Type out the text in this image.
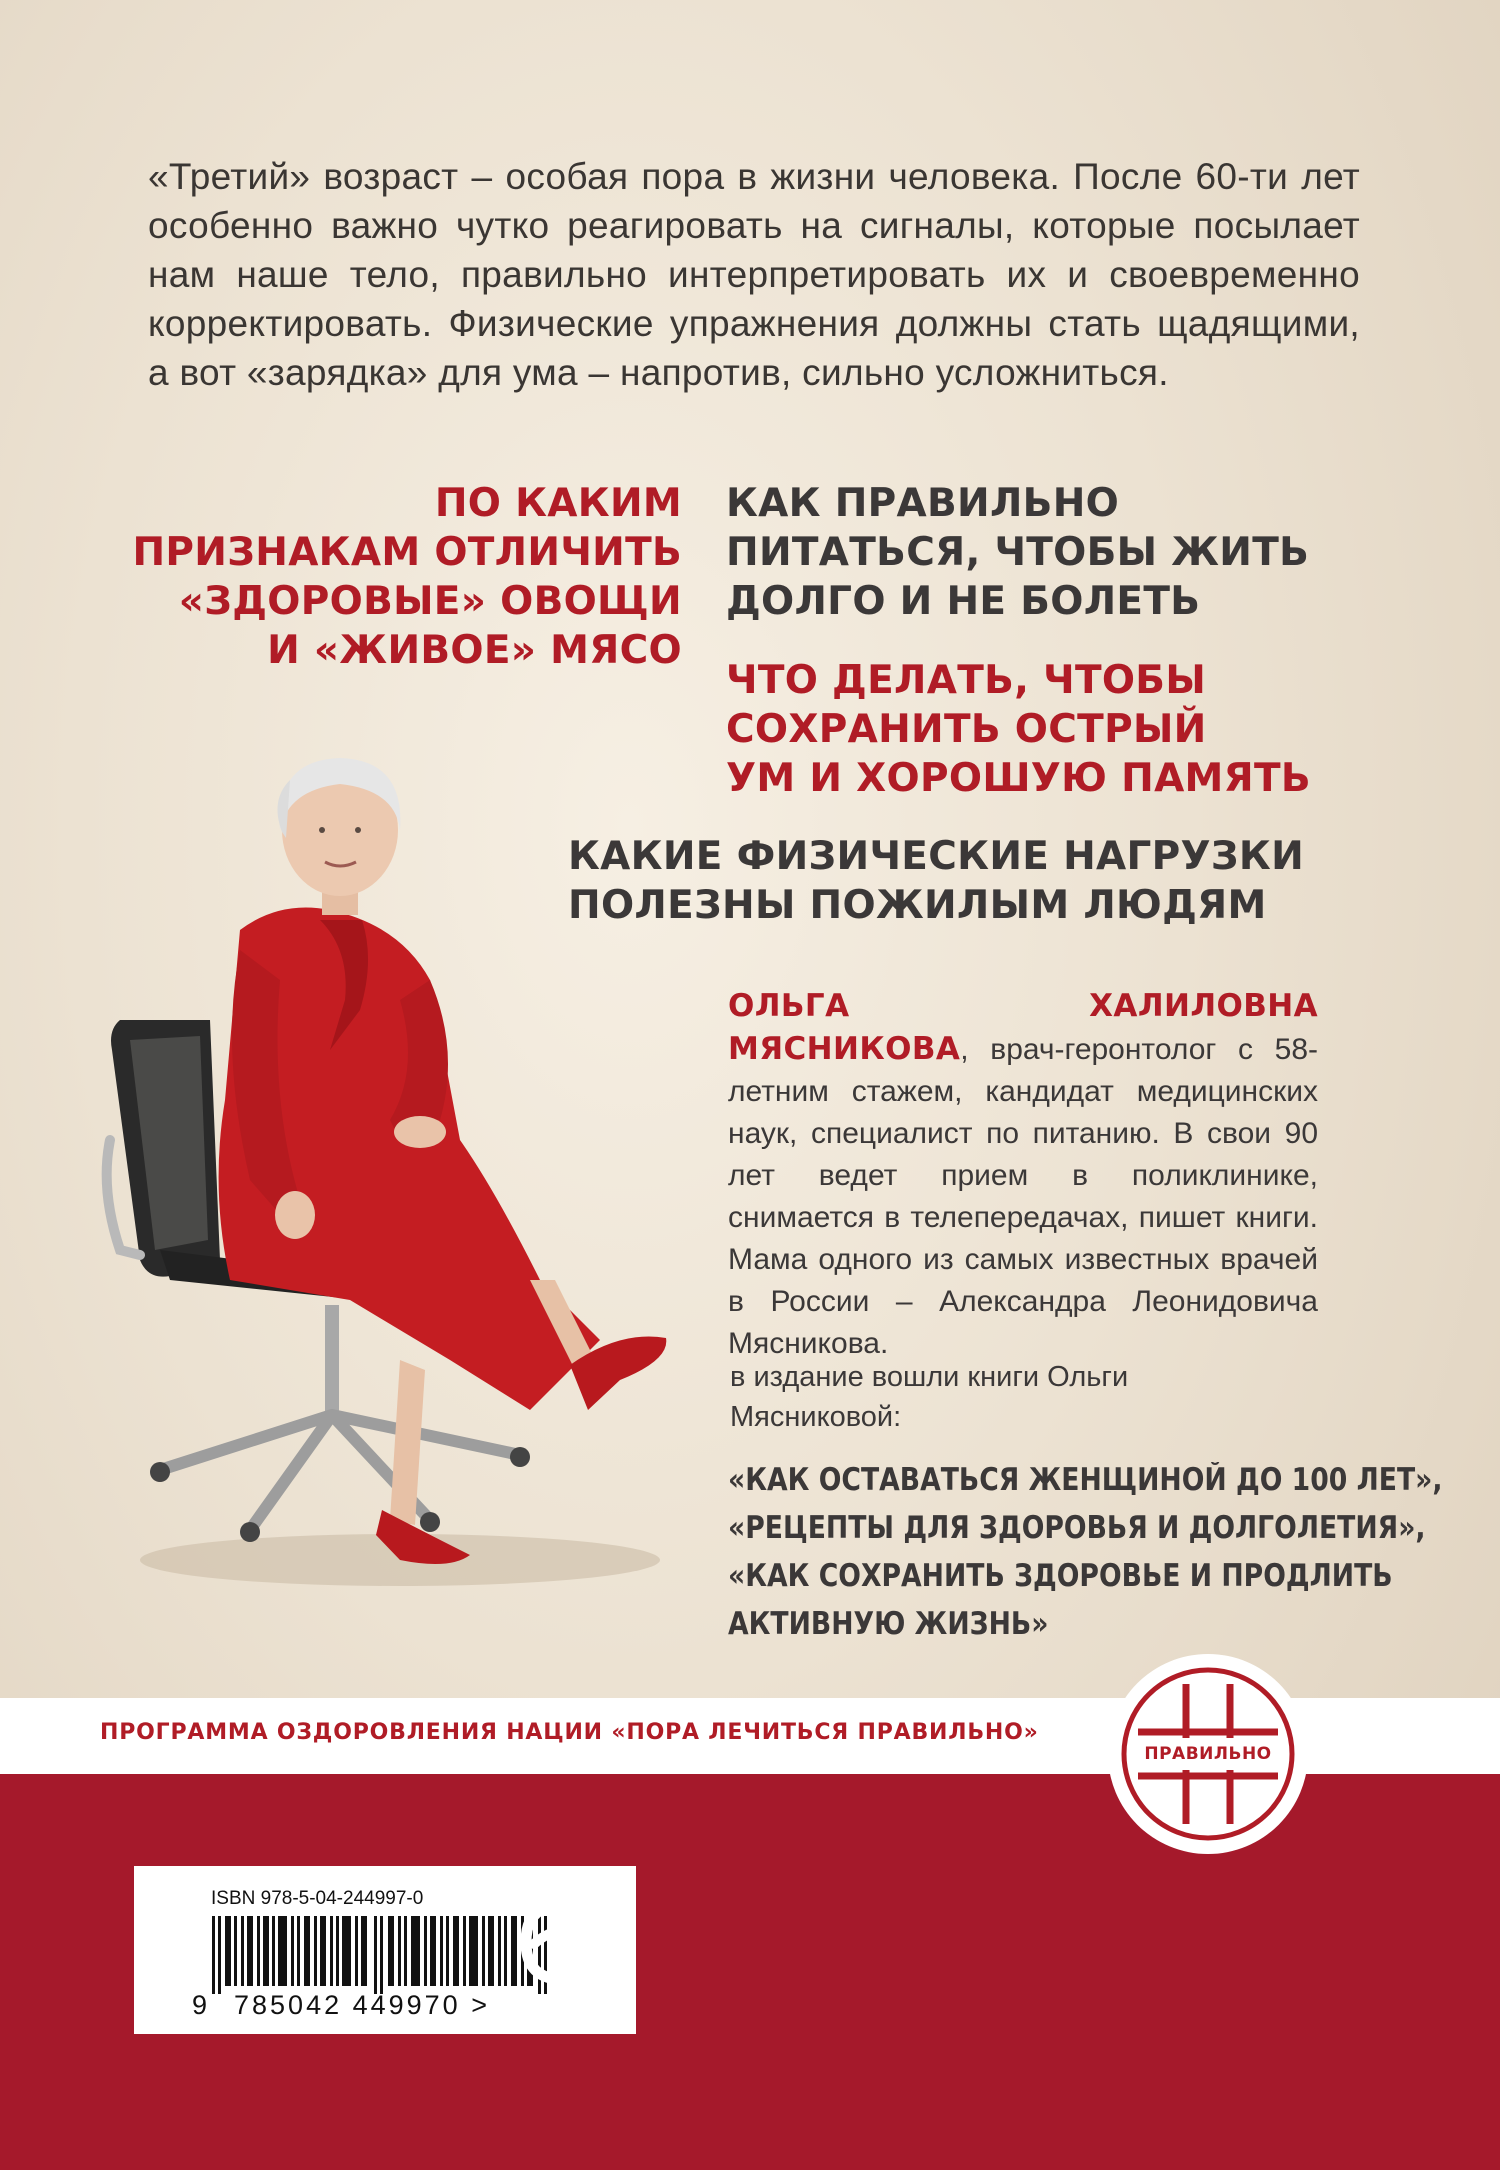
«Третий» возраст – особая пора в жизни человека. После 60-ти лет особенно важно чутко реагировать на сигналы, которые посылает нам наше тело, правильно интерпретировать их и своевременно корректировать. Физические упражнения должны стать щадящими, а вот «зарядка» для ума – напротив, сильно усложниться.
ПО КАКИМ
ПРИЗНАКАМ ОТЛИЧИТЬ
«ЗДОРОВЫЕ» ОВОЩИ
И «ЖИВОЕ» МЯСО
КАК ПРАВИЛЬНО
ПИТАТЬСЯ, ЧТОБЫ ЖИТЬ
ДОЛГО И НЕ БОЛЕТЬ
ЧТО ДЕЛАТЬ, ЧТОБЫ
СОХРАНИТЬ ОСТРЫЙ
УМ И ХОРОШУЮ ПАМЯТЬ
КАКИЕ ФИЗИЧЕСКИЕ НАГРУЗКИ
ПОЛЕЗНЫ ПОЖИЛЫМ ЛЮДЯМ
ОЛЬГА ХАЛИЛОВНА МЯСНИКОВА, врач-геронтолог с 58-летним стажем, кандидат медицинских наук, специалист по питанию. В свои 90 лет ведет прием в поликлинике, снимается в телепередачах, пишет книги. Мама одного из самых известных врачей в России – Александра Леонидовича Мясникова.
в издание вошли книги Ольги Мясниковой:
«КАК ОСТАВАТЬСЯ ЖЕНЩИНОЙ ДО 100 ЛЕТ»,
«РЕЦЕПТЫ ДЛЯ ЗДОРОВЬЯ И ДОЛГОЛЕТИЯ»,
«КАК СОХРАНИТЬ ЗДОРОВЬЕ И ПРОДЛИТЬ
АКТИВНУЮ ЖИЗНЬ»
ПРОГРАММА ОЗДОРОВЛЕНИЯ НАЦИИ «ПОРА ЛЕЧИТЬСЯ ПРАВИЛЬНО»
ПРАВИЛЬНО
ISBN 978-5-04-244997-0
9 785042 449970 >
